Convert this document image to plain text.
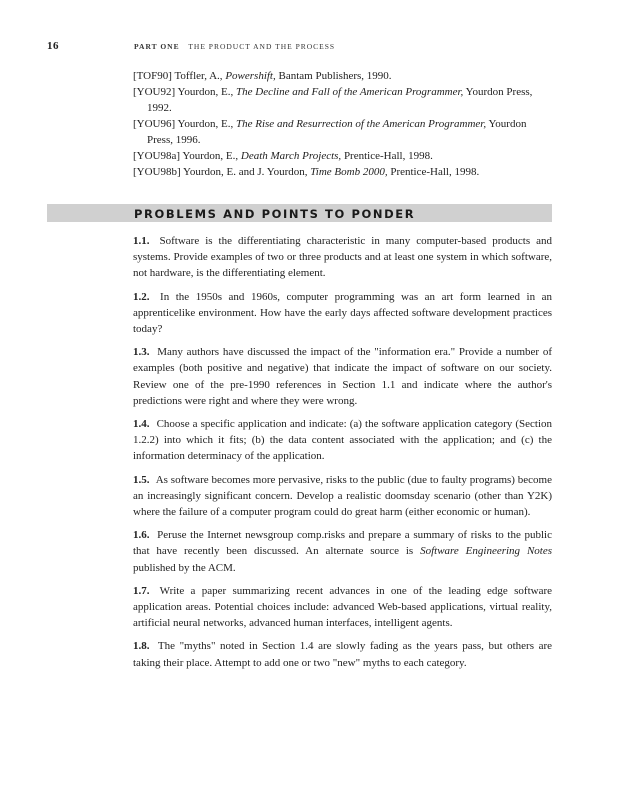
16	PART ONE THE PRODUCT AND THE PROCESS
[TOF90] Toffler, A., Powershift, Bantam Publishers, 1990.
[YOU92] Yourdon, E., The Decline and Fall of the American Programmer, Yourdon Press, 1992.
[YOU96] Yourdon, E., The Rise and Resurrection of the American Programmer, Yourdon Press, 1996.
[YOU98a] Yourdon, E., Death March Projects, Prentice-Hall, 1998.
[YOU98b] Yourdon, E. and J. Yourdon, Time Bomb 2000, Prentice-Hall, 1998.
PROBLEMS AND POINTS TO PONDER

1.1. Software is the differentiating characteristic in many computer-based products and systems. Provide examples of two or three products and at least one system in which software, not hardware, is the differentiating element.

1.2. In the 1950s and 1960s, computer programming was an art form learned in an apprenticelike environment. How have the early days affected software development practices today?

1.3. Many authors have discussed the impact of the "information era." Provide a number of examples (both positive and negative) that indicate the impact of software on our society. Review one of the pre-1990 references in Section 1.1 and indicate where the author's predictions were right and where they were wrong.

1.4. Choose a specific application and indicate: (a) the software application category (Section 1.2.2) into which it fits; (b) the data content associated with the application; and (c) the information determinacy of the application.

1.5. As software becomes more pervasive, risks to the public (due to faulty programs) become an increasingly significant concern. Develop a realistic doomsday scenario (other than Y2K) where the failure of a computer program could do great harm (either economic or human).

1.6. Peruse the Internet newsgroup comp.risks and prepare a summary of risks to the public that have recently been discussed. An alternate source is Software Engineering Notes published by the ACM.

1.7. Write a paper summarizing recent advances in one of the leading edge software application areas. Potential choices include: advanced Web-based applications, virtual reality, artificial neural networks, advanced human interfaces, intelligent agents.

1.8. The "myths" noted in Section 1.4 are slowly fading as the years pass, but others are taking their place. Attempt to add one or two "new" myths to each category.
